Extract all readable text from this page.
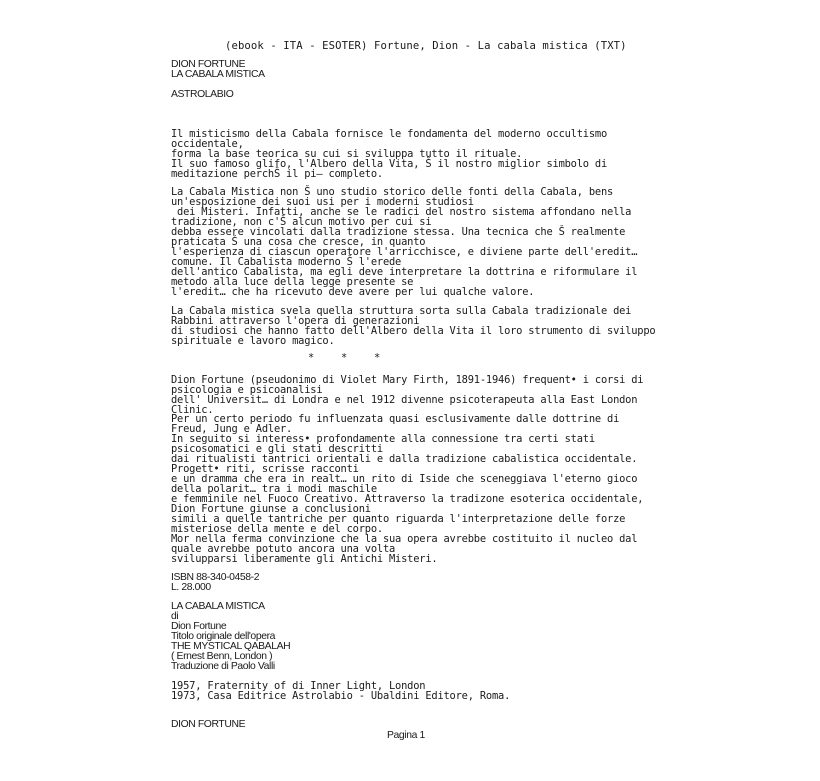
(ebook - ITA - ESOTER) Fortune, Dion - La cabala mistica (TXT)
DION FORTUNE
LA CABALA MISTICA
ASTROLABIO
Il misticismo della Cabala fornisce le fondamenta del moderno occultismo
occidentale,
forma la base teorica su cui si sviluppa tutto il rituale.
Il suo famoso glifo, l'Albero della Vita, Š il nostro miglior simbolo di
meditazione perchŠ il pi— completo.
La Cabala Mistica non Š uno studio storico delle fonti della Cabala, bens
un'esposizione dei suoi usi per i moderni studiosi
dei Misteri. Infatti, anche se le radici del nostro sistema affondano nella
tradizione, non c'Š alcun motivo per cui si
debba essere vincolati dalla tradizione stessa. Una tecnica che Š realmente
praticata Š una cosa che cresce, in quanto
l'esperienza di ciascun operatore l'arricchisce, e diviene parte dell'eredit…
comune. Il Cabalista moderno Š l'erede
dell'antico Cabalista, ma egli deve interpretare la dottrina e riformulare il
metodo alla luce della legge presente se
l'eredit… che ha ricevuto deve avere per lui qualche valore.
La Cabala mistica svela quella struttura sorta sulla Cabala tradizionale dei
Rabbini attraverso l'opera di generazioni
di studiosi che hanno fatto dell'Albero della Vita il loro strumento di sviluppo
spirituale e lavoro magico.
*   *   *
Dion Fortune (pseudonimo di Violet Mary Firth, 1891-1946) frequent• i corsi di
psicologia e psicoanalisi
dell' Universit… di Londra e nel 1912 divenne psicoterapeuta alla East London
Clinic.
Per un certo periodo fu influenzata quasi esclusivamente dalle dottrine di
Freud, Jung e Adler.
In seguito si interess• profondamente alla connessione tra certi stati
psicosomatici e gli stati descritti
dai ritualisti tantrici orientali e dalla tradizione cabalistica occidentale.
Progett• riti, scrisse racconti
e un dramma che era in realt… un rito di Iside che sceneggiava l'eterno gioco
della polarit… tra i modi maschile
e femminile nel Fuoco Creativo. Attraverso la tradizone esoterica occidentale,
Dion Fortune giunse a conclusioni
simili a quelle tantriche per quanto riguarda l'interpretazione delle forze
misteriose della mente e del corpo.
Mor nella ferma convinzione che la sua opera avrebbe costituito il nucleo dal
quale avrebbe potuto ancora una volta
svilupparsi liberamente gli Antichi Misteri.
ISBN 88-340-0458-2
L. 28.000
LA CABALA MISTICA
di
Dion Fortune
Titolo originale dell'opera
THE MYSTICAL QABALAH
( Ernest Benn, London )
Traduzione di Paolo Valli
1957, Fraternity of di Inner Light, London
1973, Casa Editrice Astrolabio - Ubaldini Editore, Roma.
DION FORTUNE
Pagina 1
